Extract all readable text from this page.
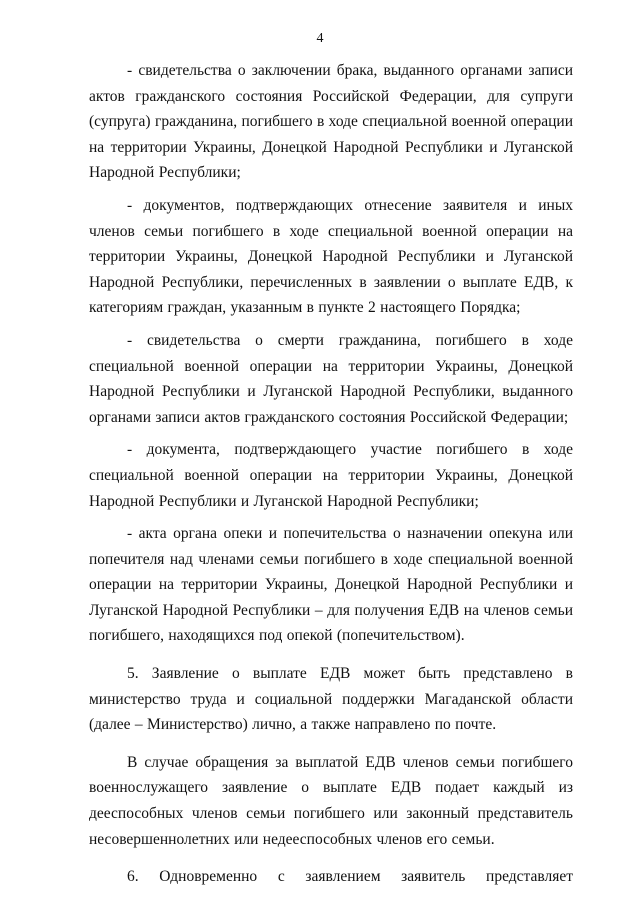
4

- свидетельства о заключении брака, выданного органами записи актов гражданского состояния Российской Федерации, для супруги (супруга) гражданина, погибшего в ходе специальной военной операции на территории Украины, Донецкой Народной Республики и Луганской Народной Республики;

- документов, подтверждающих отнесение заявителя и иных членов семьи погибшего в ходе специальной военной операции на территории Украины, Донецкой Народной Республики и Луганской Народной Республики, перечисленных в заявлении о выплате ЕДВ, к категориям граждан, указанным в пункте 2 настоящего Порядка;

- свидетельства о смерти гражданина, погибшего в ходе специальной военной операции на территории Украины, Донецкой Народной Республики и Луганской Народной Республики, выданного органами записи актов гражданского состояния Российской Федерации;

- документа, подтверждающего участие погибшего в ходе специальной военной операции на территории Украины, Донецкой Народной Республики и Луганской Народной Республики;

- акта органа опеки и попечительства о назначении опекуна или попечителя над членами семьи погибшего в ходе специальной военной операции на территории Украины, Донецкой Народной Республики и Луганской Народной Республики – для получения ЕДВ на членов семьи погибшего, находящихся под опекой (попечительством).

5. Заявление о выплате ЕДВ может быть представлено в министерство труда и социальной поддержки Магаданской области (далее – Министерство) лично, а также направлено по почте.

В случае обращения за выплатой ЕДВ членов семьи погибшего военнослужащего заявление о выплате ЕДВ подает каждый из дееспособных членов семьи погибшего или законный представитель несовершеннолетних или недееспособных членов его семьи.

6. Одновременно с заявлением заявитель представляет
